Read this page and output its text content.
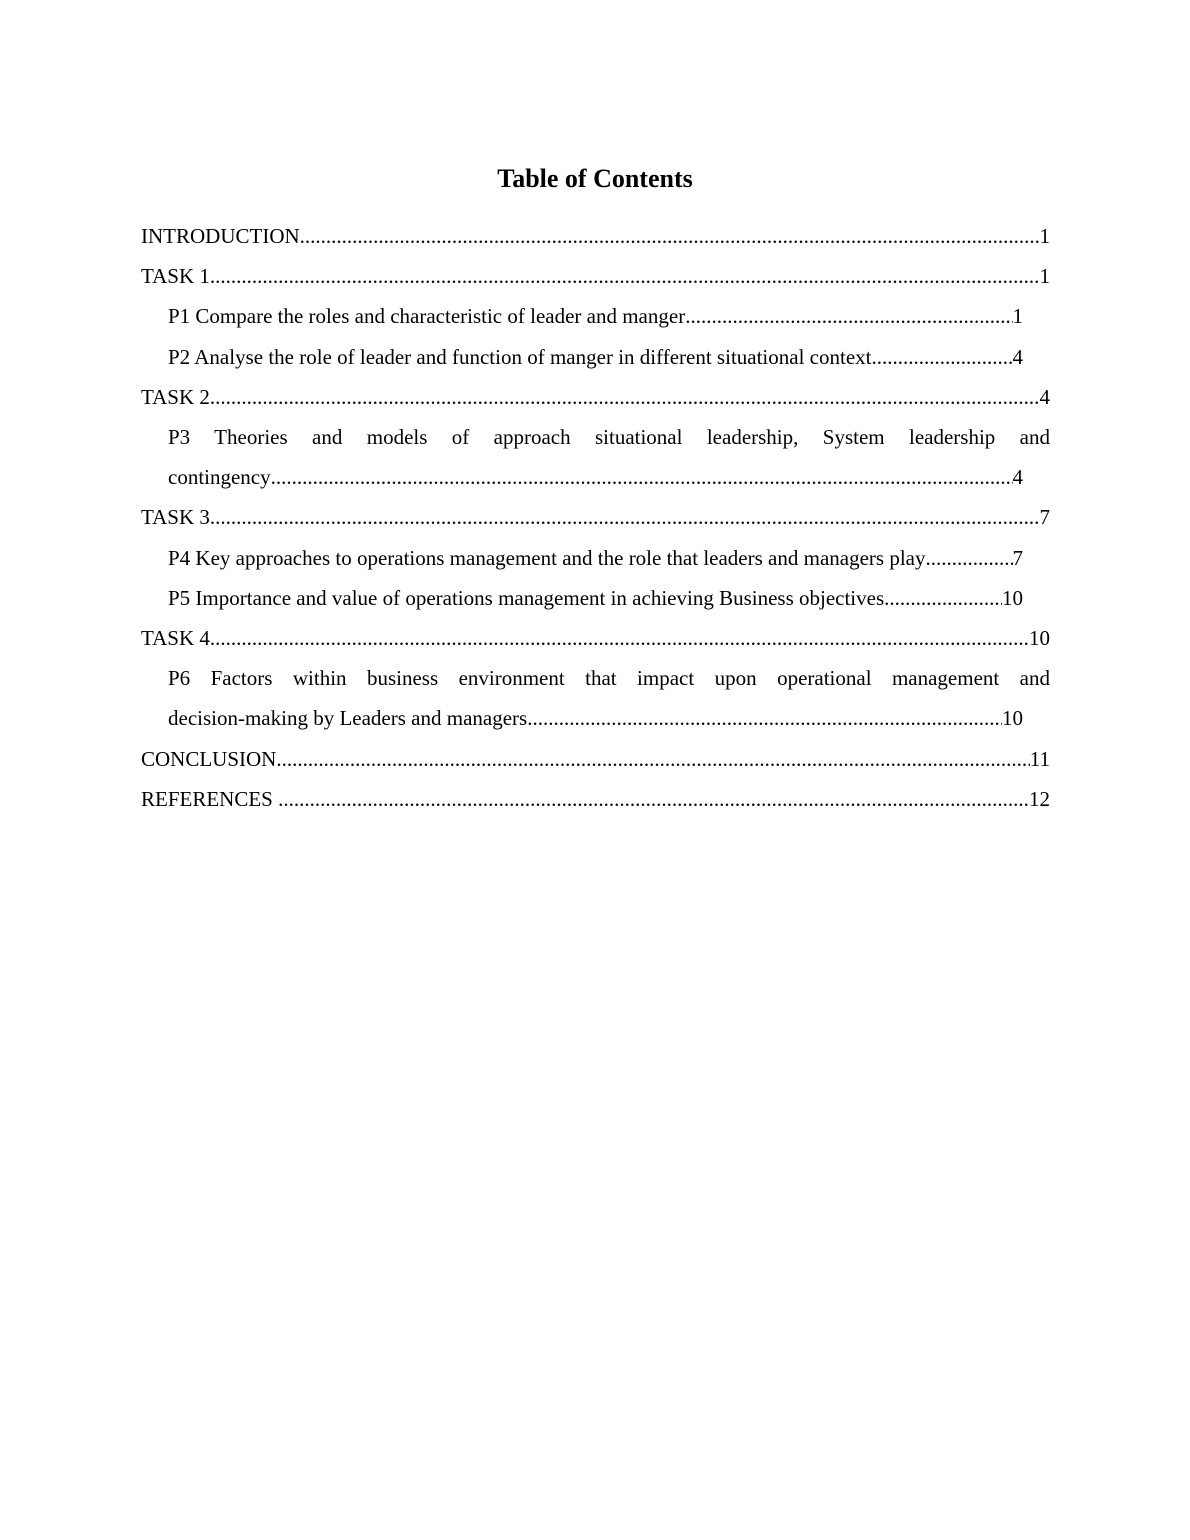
Table of Contents
INTRODUCTION .....	1
TASK 1 .....	1
P1 Compare the roles and characteristic of leader and manger .....	1
P2 Analyse the role of leader and function of manger in different situational context .....	4
TASK 2 .....	4
P3 Theories and models of approach situational leadership, System leadership and
contingency .....	4
TASK 3 .....	7
P4 Key approaches to operations management and the role that leaders and managers play .....	7
P5 Importance and value of operations management in achieving Business objectives .....	10
TASK 4 .....	10
P6 Factors within business environment that impact upon operational management and
decision-making by Leaders and managers .....	10
CONCLUSION .....	11
REFERENCES .....	12
